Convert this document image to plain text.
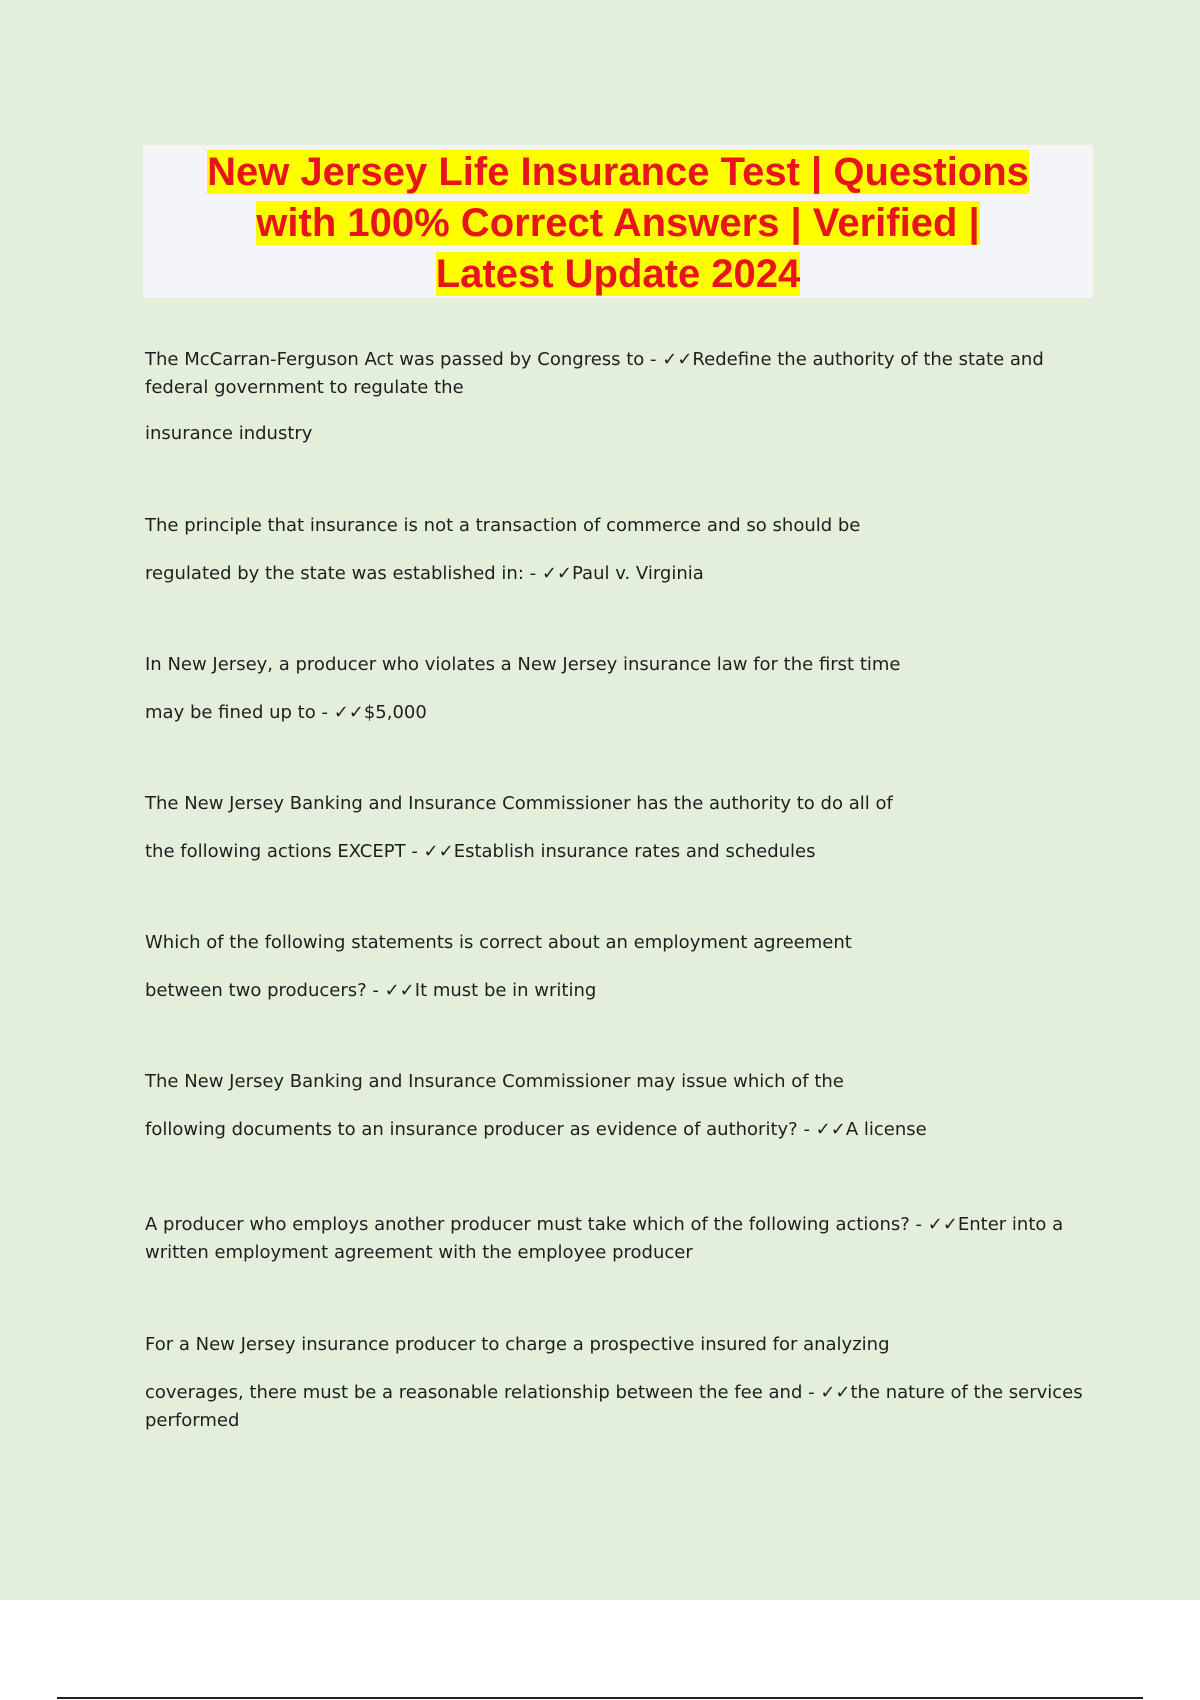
New Jersey Life Insurance Test | Questions
with 100% Correct Answers | Verified |
Latest Update 2024
The McCarran-Ferguson Act was passed by Congress to - ✓✓Redefine the authority of the state and federal government to regulate the
insurance industry
The principle that insurance is not a transaction of commerce and so should be
regulated by the state was established in: - ✓✓Paul v. Virginia
In New Jersey, a producer who violates a New Jersey insurance law for the first time
may be fined up to - ✓✓$5,000
The New Jersey Banking and Insurance Commissioner has the authority to do all of
the following actions EXCEPT - ✓✓Establish insurance rates and schedules
Which of the following statements is correct about an employment agreement
between two producers? - ✓✓It must be in writing
The New Jersey Banking and Insurance Commissioner may issue which of the
following documents to an insurance producer as evidence of authority? - ✓✓A license
A producer who employs another producer must take which of the following actions? - ✓✓Enter into a written employment agreement with the employee producer
For a New Jersey insurance producer to charge a prospective insured for analyzing
coverages, there must be a reasonable relationship between the fee and - ✓✓the nature of the services performed
